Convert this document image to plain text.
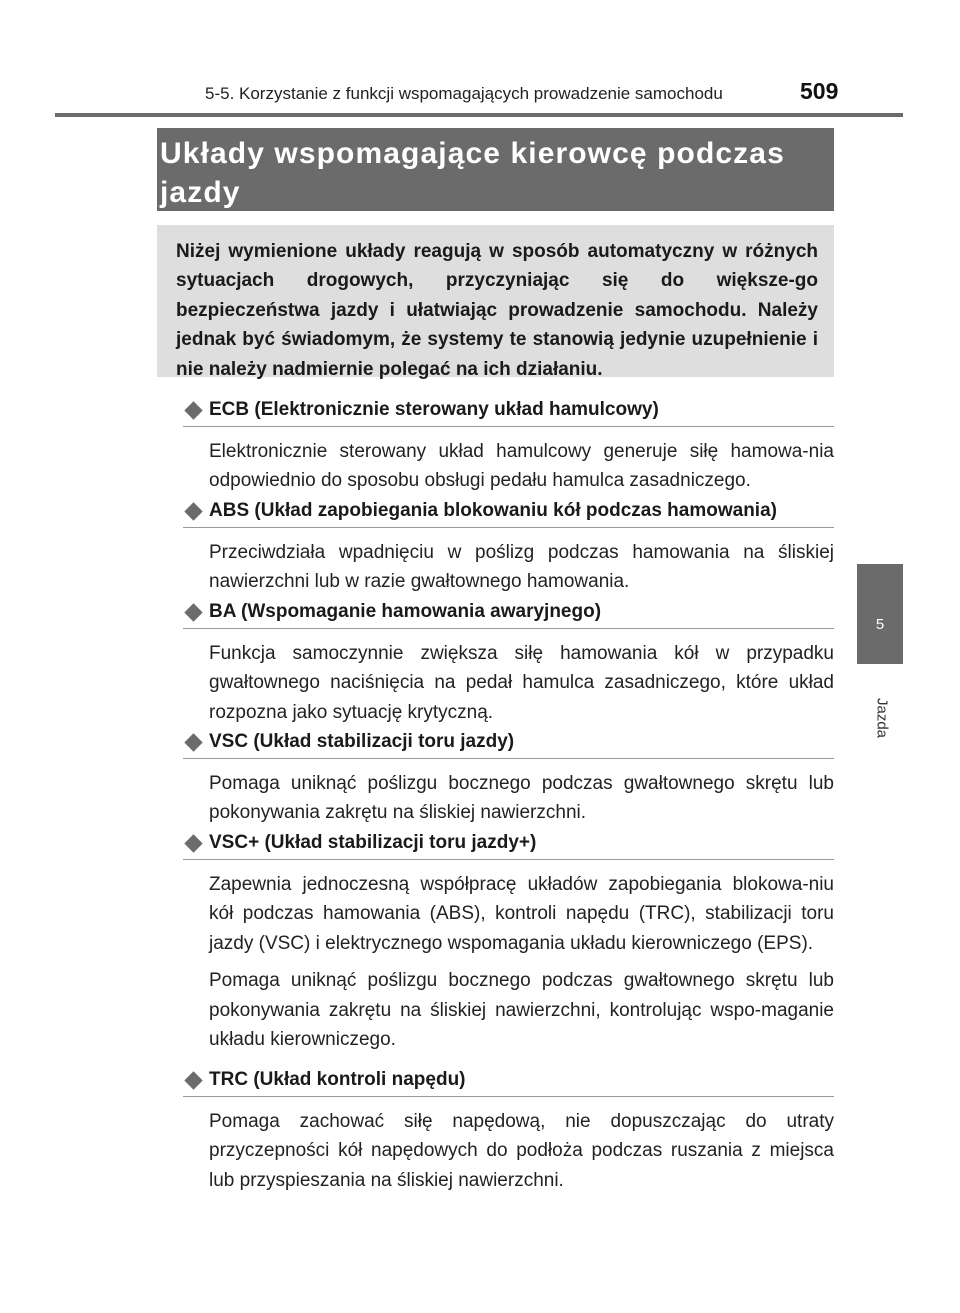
5-5. Korzystanie z funkcji wspomagających prowadzenie samochodu	509
Układy wspomagające kierowcę podczas jazdy
Niżej wymienione układy reagują w sposób automatyczny w różnych sytuacjach drogowych, przyczyniając się do większe-go bezpieczeństwa jazdy i ułatwiając prowadzenie samochodu. Należy jednak być świadomym, że systemy te stanowią jedynie uzupełnienie i nie należy nadmiernie polegać na ich działaniu.
5
Jazda
ECB (Elektronicznie sterowany układ hamulcowy)
Elektronicznie sterowany układ hamulcowy generuje siłę hamowa-nia odpowiednio do sposobu obsługi pedału hamulca zasadniczego.
ABS (Układ zapobiegania blokowaniu kół podczas hamowania)
Przeciwdziała wpadnięciu w poślizg podczas hamowania na śliskiej nawierzchni lub w razie gwałtownego hamowania.
BA (Wspomaganie hamowania awaryjnego)
Funkcja samoczynnie zwiększa siłę hamowania kół w przypadku gwałtownego naciśnięcia na pedał hamulca zasadniczego, które układ rozpozna jako sytuację krytyczną.
VSC (Układ stabilizacji toru jazdy)
Pomaga uniknąć poślizgu bocznego podczas gwałtownego skrętu lub pokonywania zakrętu na śliskiej nawierzchni.
VSC+ (Układ stabilizacji toru jazdy+)
Zapewnia jednoczesną współpracę układów zapobiegania blokowa-niu kół podczas hamowania (ABS), kontroli napędu (TRC), stabilizacji toru jazdy (VSC) i elektrycznego wspomagania układu kierowniczego (EPS).
Pomaga uniknąć poślizgu bocznego podczas gwałtownego skrętu lub pokonywania zakrętu na śliskiej nawierzchni, kontrolując wspo-maganie układu kierowniczego.
TRC (Układ kontroli napędu)
Pomaga zachować siłę napędową, nie dopuszczając do utraty przyczepności kół napędowych do podłoża podczas ruszania z miejsca lub przyspieszania na śliskiej nawierzchni.
